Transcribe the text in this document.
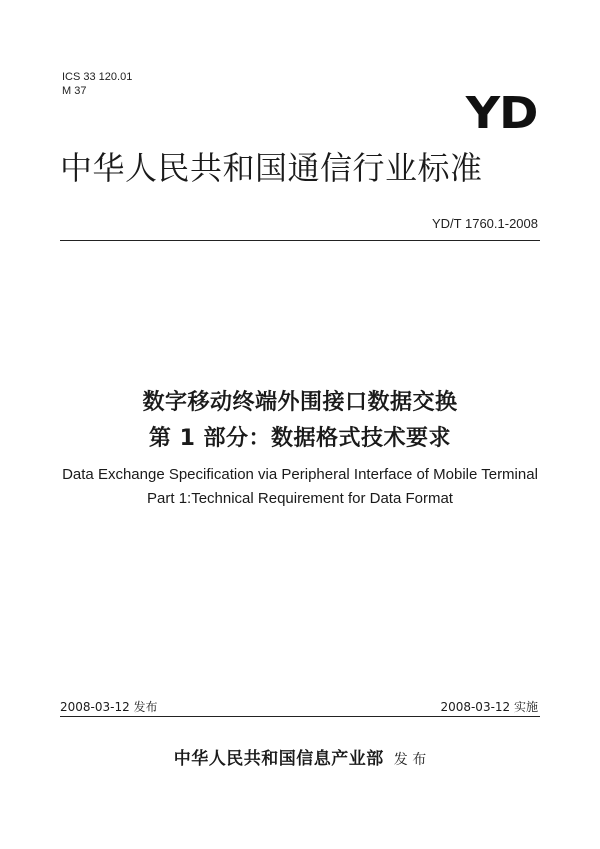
ICS 33 120.01
M 37	YD
中华人民共和国通信行业标准
YD/T 1760.1-2008
数字移动终端外围接口数据交换
第 1 部分：数据格式技术要求
Data Exchange Specification via Peripheral Interface of Mobile Terminal
Part 1:Technical Requirement for Data Format
2008-03-12 发布	2008-03-12 实施
中华人民共和国信息产业部 发 布
